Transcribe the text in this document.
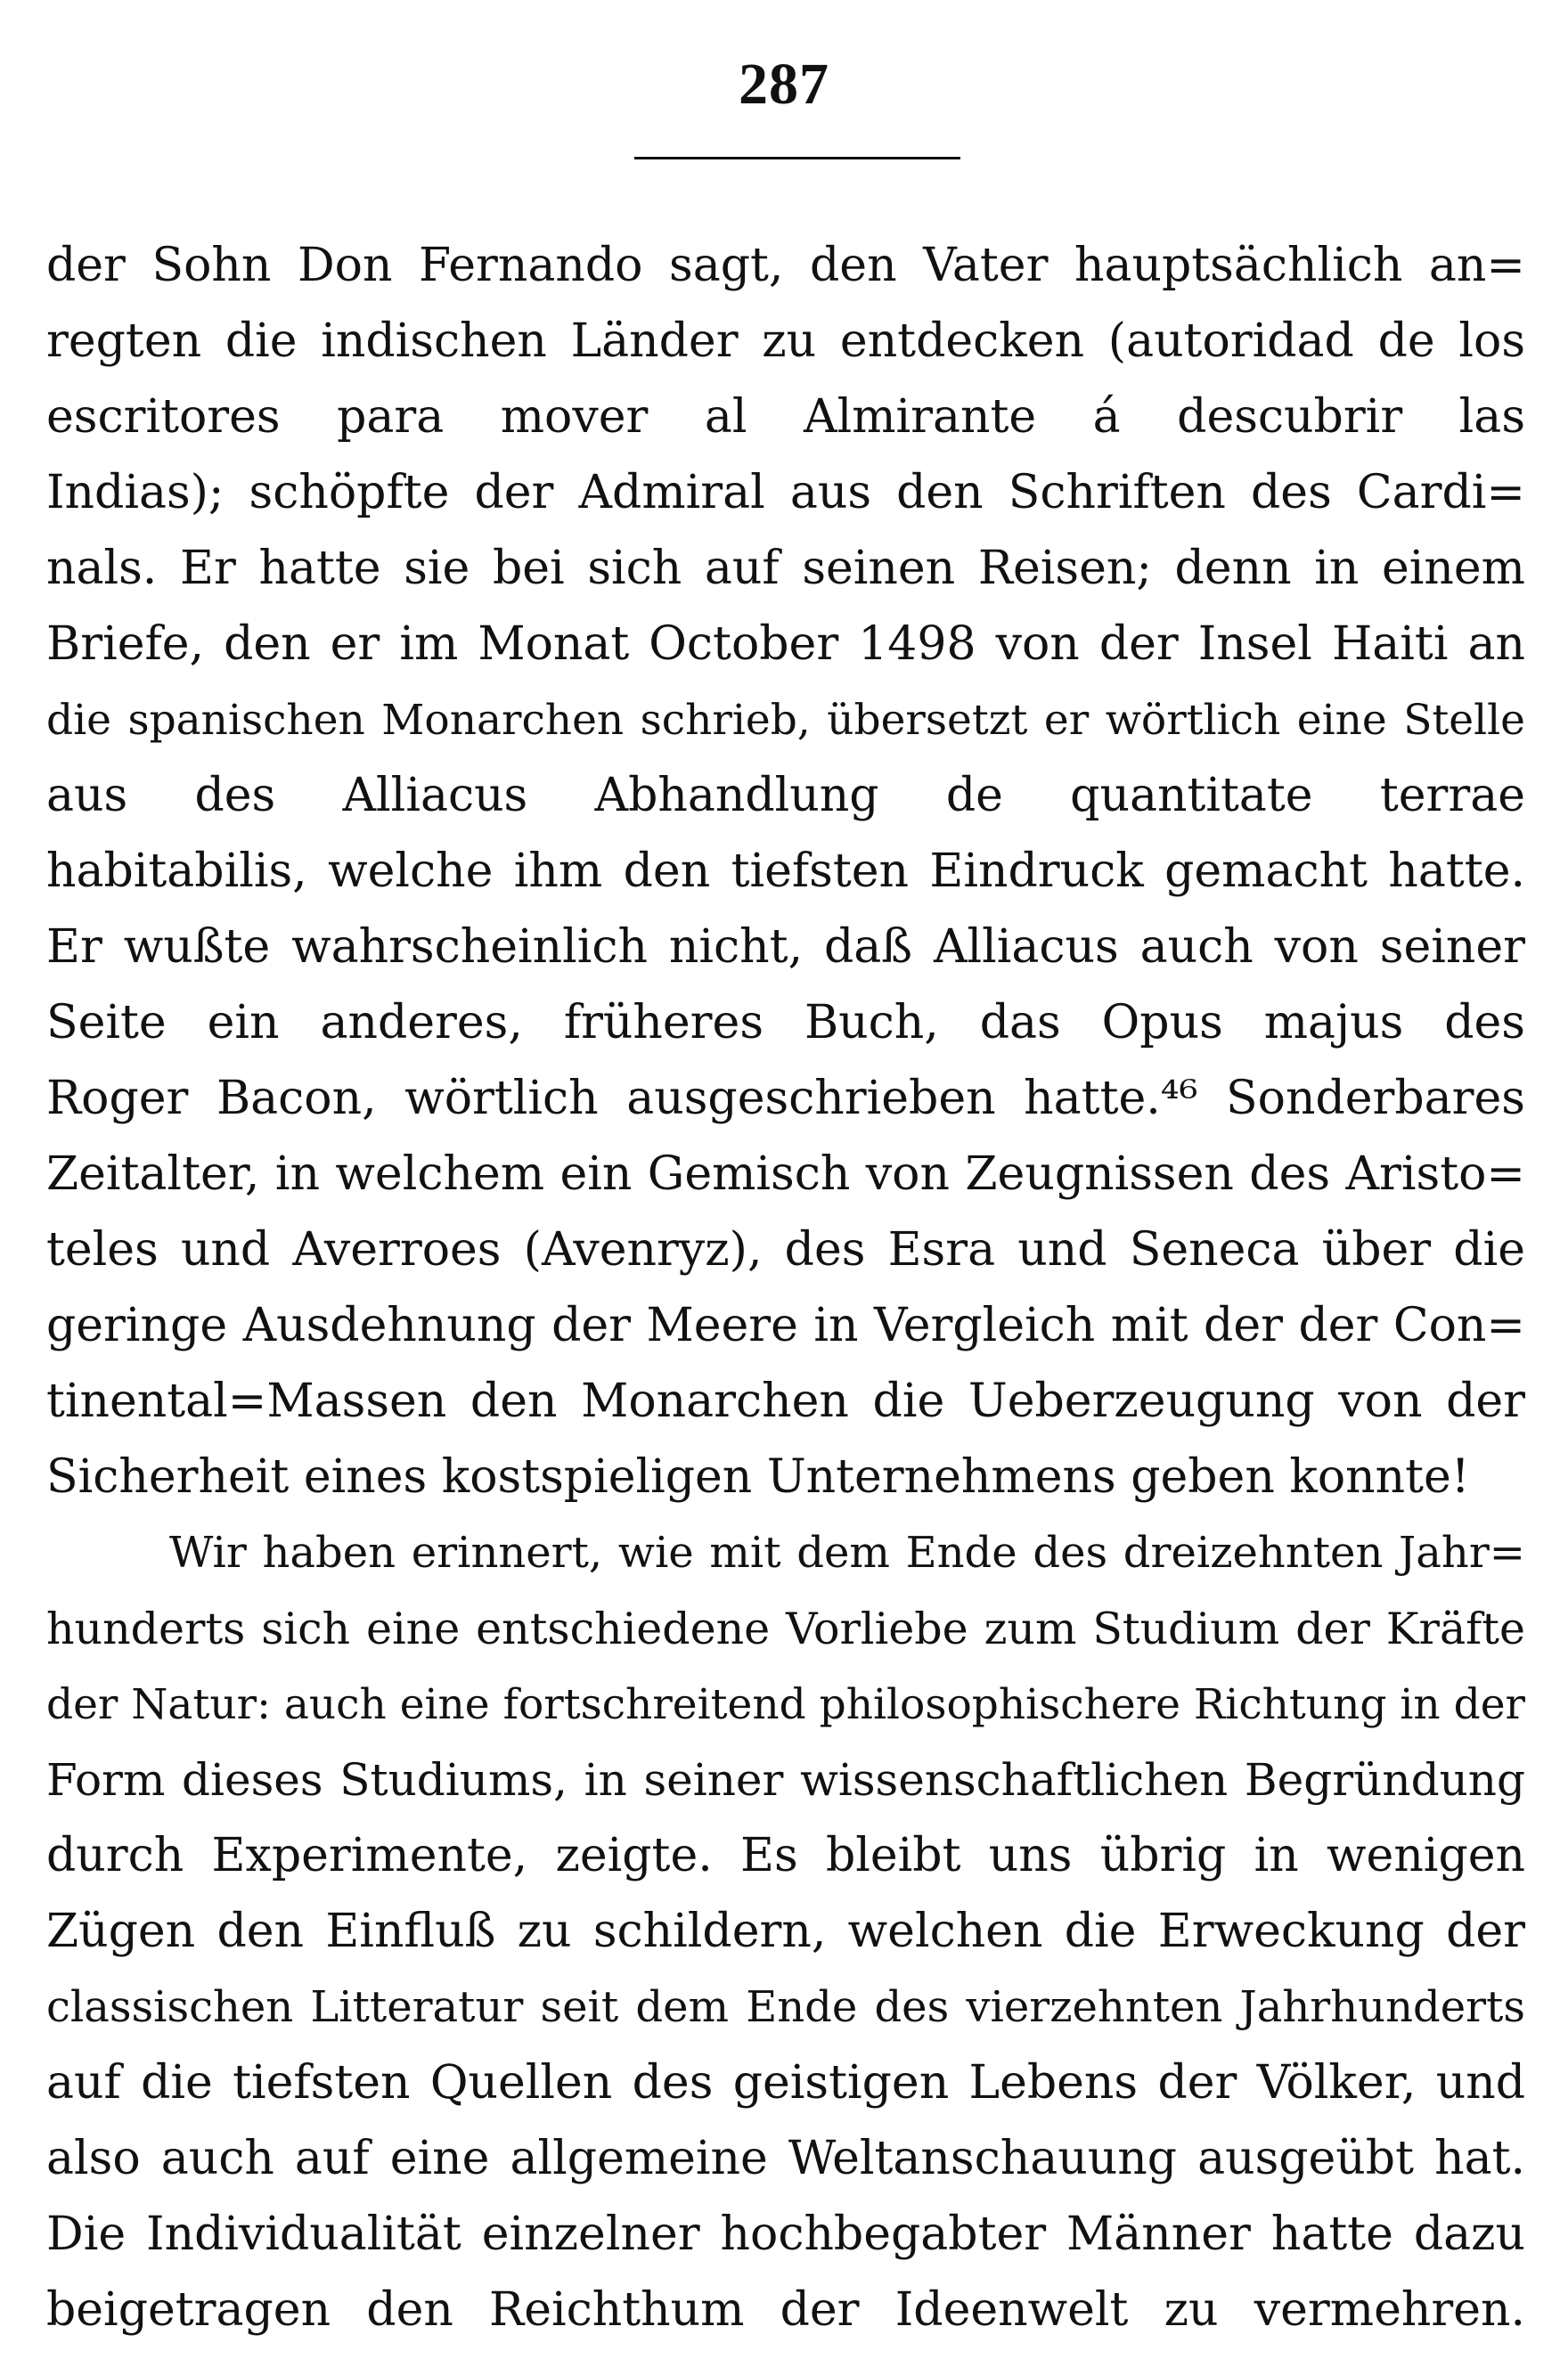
287
der Sohn Don Fernando sagt, den Vater hauptsächlich an=
regten die indischen Länder zu entdecken (autoridad de los
escritores para mover al Almirante á descubrir las
Indias); schöpfte der Admiral aus den Schriften des Cardi=
nals. Er hatte sie bei sich auf seinen Reisen; denn in einem
Briefe, den er im Monat October 1498 von der Insel Haiti an
die spanischen Monarchen schrieb, übersetzt er wörtlich eine Stelle
aus des Alliacus Abhandlung de quantitate terrae
habitabilis, welche ihm den tiefsten Eindruck gemacht hatte.
Er wußte wahrscheinlich nicht, daß Alliacus auch von seiner
Seite ein anderes, früheres Buch, das Opus majus des
Roger Bacon, wörtlich ausgeschrieben hatte.⁴⁶ Sonderbares
Zeitalter, in welchem ein Gemisch von Zeugnissen des Aristo=
teles und Averroes (Avenryz), des Esra und Seneca über die
geringe Ausdehnung der Meere in Vergleich mit der der Con=
tinental=Massen den Monarchen die Ueberzeugung von der
Sicherheit eines kostspieligen Unternehmens geben konnte!
Wir haben erinnert, wie mit dem Ende des dreizehnten Jahr=
hunderts sich eine entschiedene Vorliebe zum Studium der Kräfte
der Natur: auch eine fortschreitend philosophischere Richtung in der
Form dieses Studiums, in seiner wissenschaftlichen Begründung
durch Experimente, zeigte. Es bleibt uns übrig in wenigen
Zügen den Einfluß zu schildern, welchen die Erweckung der
classischen Litteratur seit dem Ende des vierzehnten Jahrhunderts
auf die tiefsten Quellen des geistigen Lebens der Völker, und
also auch auf eine allgemeine Weltanschauung ausgeübt hat.
Die Individualität einzelner hochbegabter Männer hatte dazu
beigetragen den Reichthum der Ideenwelt zu vermehren.
